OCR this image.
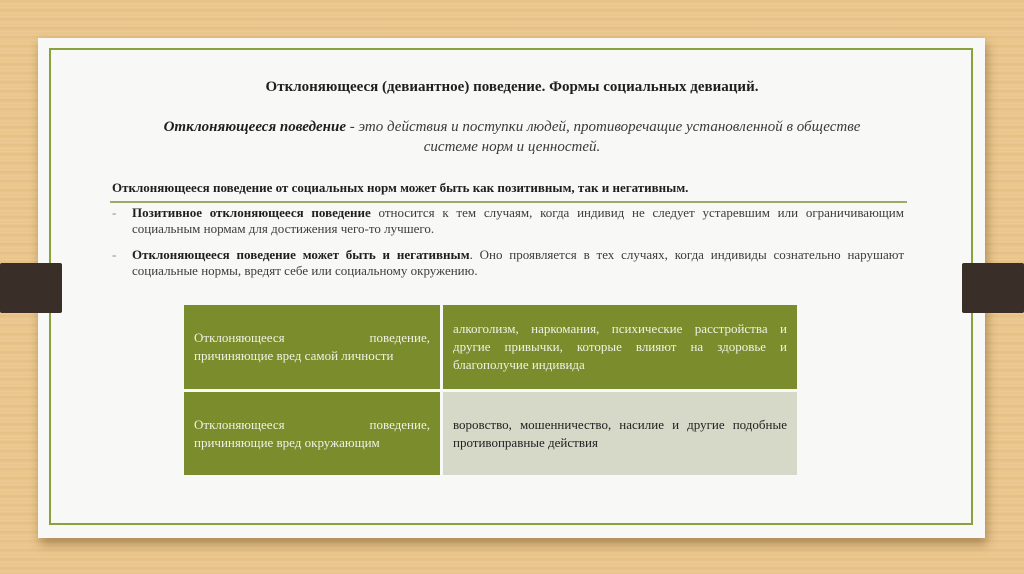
Отклоняющееся (девиантное) поведение. Формы социальных девиаций.
Отклоняющееся поведение - это действия и поступки людей, противоречащие установленной в обществе системе норм и ценностей.
Отклоняющееся поведение от социальных норм может быть как позитивным, так и негативным.
- Позитивное отклоняющееся поведение относится к тем случаям, когда индивид не следует устаревшим или ограничивающим социальным нормам для достижения чего-то лучшего.
- Отклоняющееся поведение может быть и негативным. Оно проявляется в тех случаях, когда индивиды сознательно нарушают социальные нормы, вредят себе или социальному окружению.
Отклоняющееся поведение, причиняющие вред самой личности
алкоголизм, наркомания, психические расстройства и другие привычки, которые влияют на здоровье и благополучие индивида
Отклоняющееся поведение, причиняющие вред окружающим
воровство, мошенничество, насилие и другие подобные противоправные действия
